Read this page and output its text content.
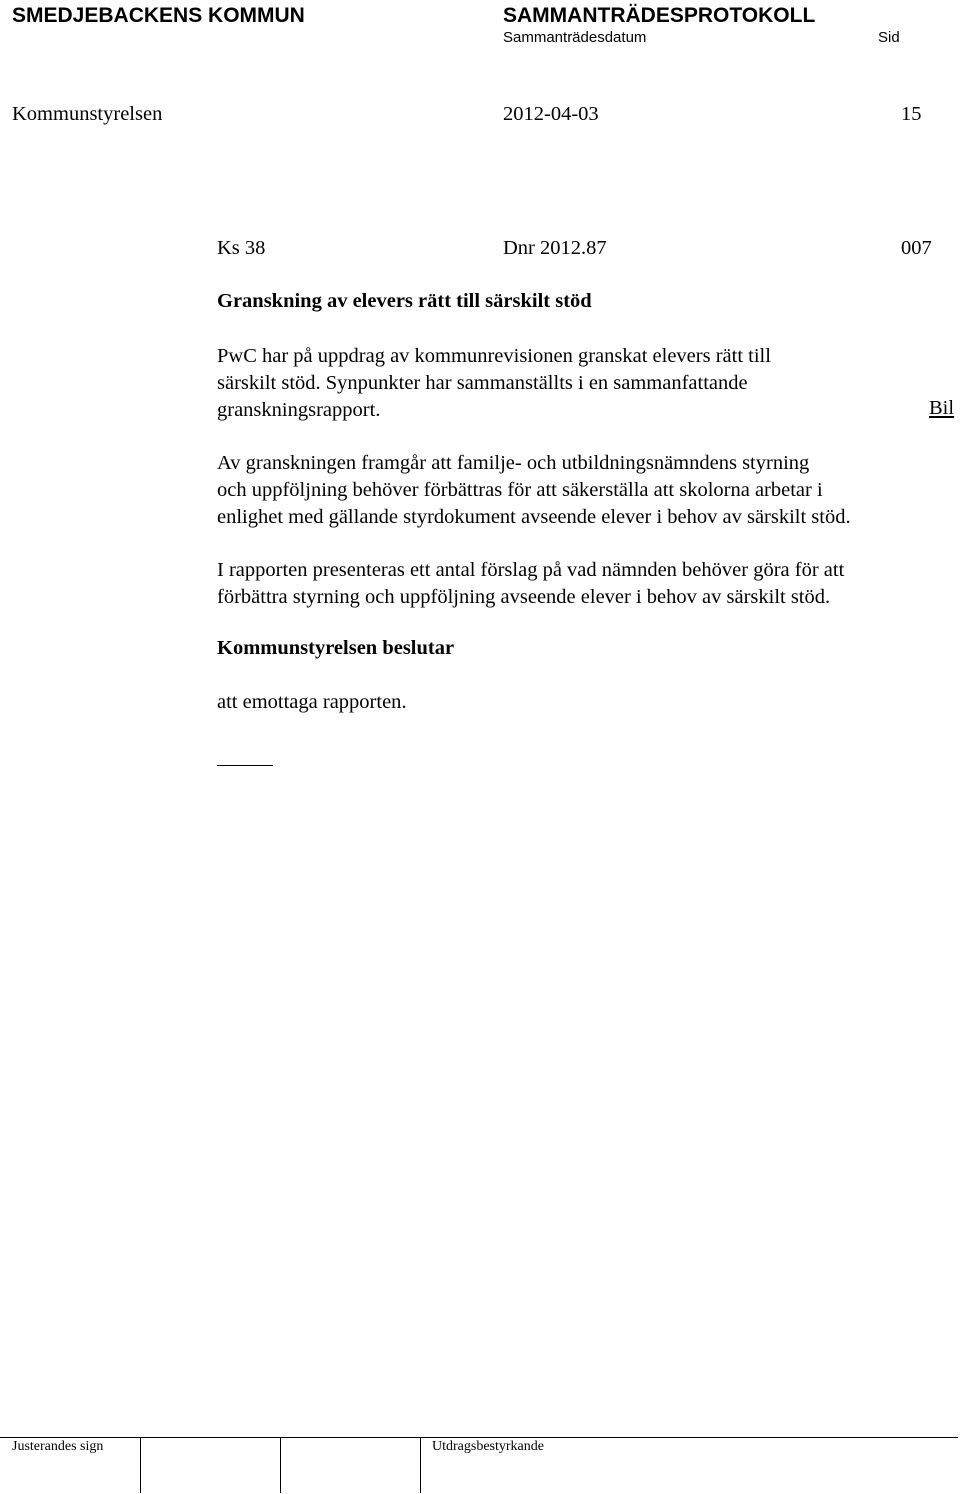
SMEDJEBACKENS KOMMUN	SAMMANTRÄDESPROTOKOLL
Sammanträdesdatum	Sid
Kommunstyrelsen	2012-04-03	15
Ks 38	Dnr 2012.87	007
Granskning av elevers rätt till särskilt stöd
PwC har på uppdrag av kommunrevisionen granskat elevers rätt till
särskilt stöd. Synpunkter har sammanställts i en sammanfattande
granskningsrapport.	Bil
Av granskningen framgår att familje- och utbildningsnämndens styrning
och uppföljning behöver förbättras för att säkerställa att skolorna arbetar i
enlighet med gällande styrdokument avseende elever i behov av särskilt stöd.
I rapporten presenteras ett antal förslag på vad nämnden behöver göra för att
förbättra styrning och uppföljning avseende elever i behov av särskilt stöd.
Kommunstyrelsen beslutar
att emottaga rapporten.
Justerandes sign	Utdragsbestyrkande
